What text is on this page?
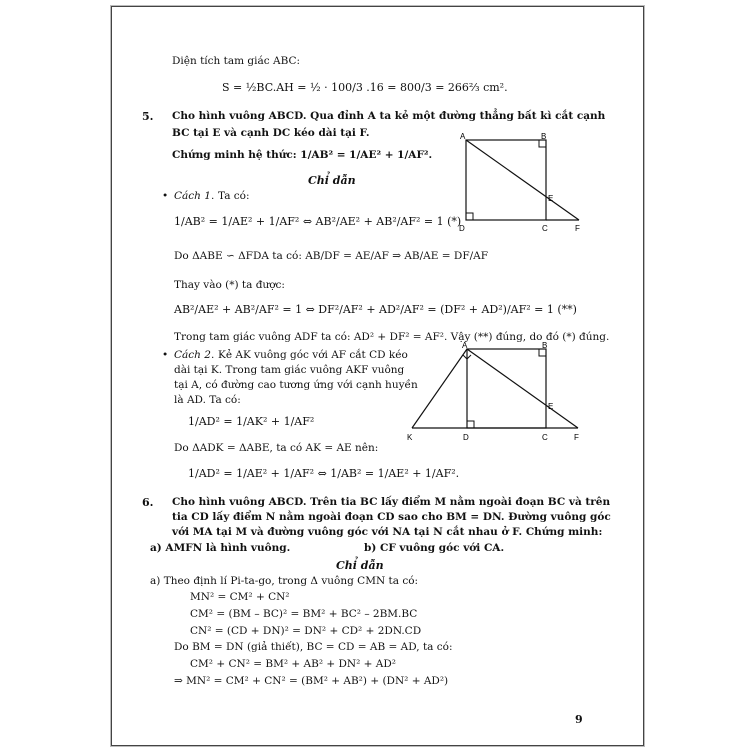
Diện tích tam giác ABC:
S = ½BC.AH = ½ · 100/3 .16 = 800/3 = 266⅔ cm².
5. Cho hình vuông ABCD. Qua đỉnh A ta kẻ một đường thẳng bất kì cắt cạnh
BC tại E và cạnh DC kéo dài tại F.
Chứng minh hệ thức: 1/AB² = 1/AE² + 1/AF².
Chỉ dẫn
• Cách 1. Ta có:
1/AB² = 1/AE² + 1/AF² ⇔ AB²/AE² + AB²/AF² = 1 (*)
Do ΔABE ∽ ΔFDA ta có: AB/DF = AE/AF ⇒ AB/AE = DF/AF
Thay vào (*) ta được:
AB²/AE² + AB²/AF² = 1 ⇔ DF²/AF² + AD²/AF² = (DF² + AD²)/AF² = 1 (**)
Trong tam giác vuông ADF ta có: AD² + DF² = AF². Vậy (**) đúng, do đó (*) đúng.
• Cách 2. Kẻ AK vuông góc với AF cắt CD kéo
dài tại K. Trong tam giác vuông AKF vuông
tại A, có đường cao tương ứng với cạnh huyền
là AD. Ta có:
1/AD² = 1/AK² + 1/AF²
Do ΔADK = ΔABE, ta có AK = AE nên:
1/AD² = 1/AE² + 1/AF² ⇔ 1/AB² = 1/AE² + 1/AF².
A	B
E
D	C	F
A	B
E
K	D	C	F
6. Cho hình vuông ABCD. Trên tia BC lấy điểm M nằm ngoài đoạn BC và trên
tia CD lấy điểm N nằm ngoài đoạn CD sao cho BM = DN. Đường vuông góc
với MA tại M và đường vuông góc với NA tại N cắt nhau ở F. Chứng minh:
a) AMFN là hình vuông.	b) CF vuông góc với CA.
Chỉ dẫn
a) Theo định lí Pi-ta-go, trong Δ vuông CMN ta có:
MN² = CM² + CN²
CM² = (BM – BC)² = BM² + BC² – 2BM.BC
CN² = (CD + DN)² = DN² + CD² + 2DN.CD
Do BM = DN (giả thiết), BC = CD = AB = AD, ta có:
CM² + CN² = BM² + AB² + DN² + AD²
⇒ MN² = CM² + CN² = (BM² + AB²) + (DN² + AD²)
9
